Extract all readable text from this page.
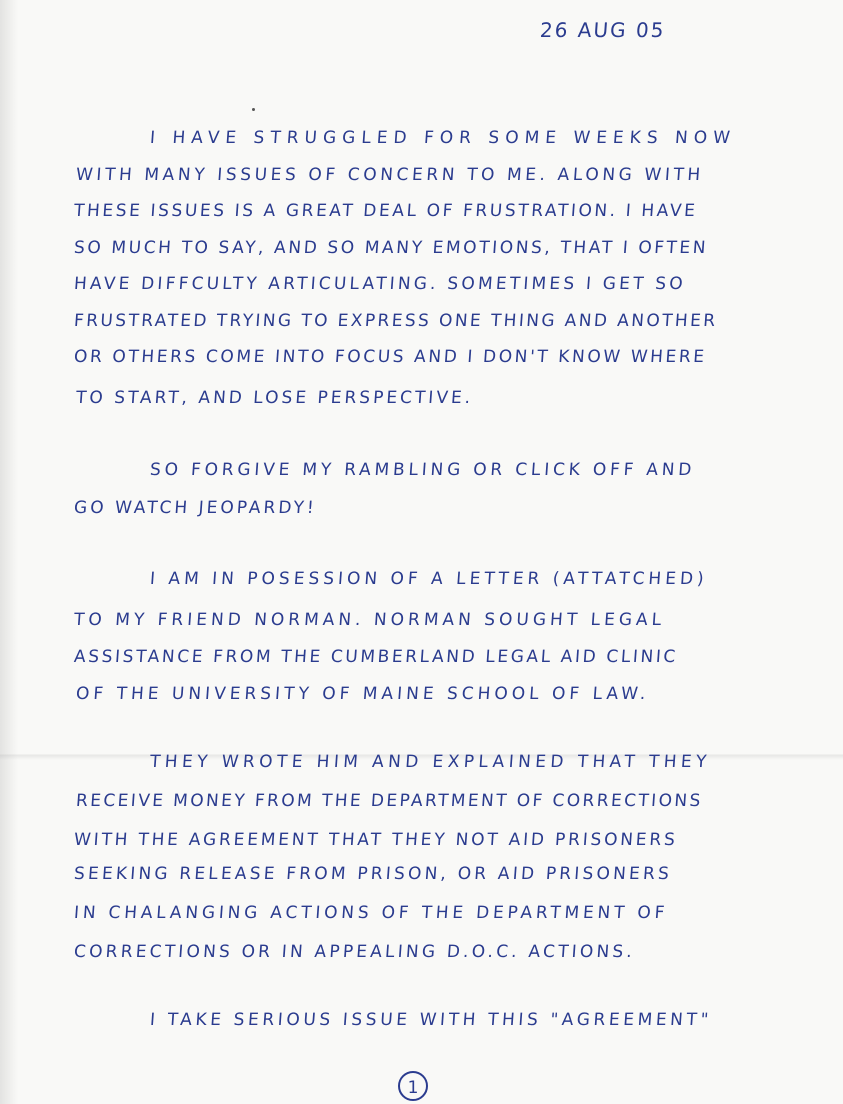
26 AUG 05
I HAVE STRUGGLED FOR SOME WEEKS NOW
WITH MANY ISSUES OF CONCERN TO ME. ALONG WITH
THESE ISSUES IS A GREAT DEAL OF FRUSTRATION. I HAVE
SO MUCH TO SAY, AND SO MANY EMOTIONS, THAT I OFTEN
HAVE DIFFCULTY ARTICULATING. SOMETIMES I GET SO
FRUSTRATED TRYING TO EXPRESS ONE THING AND ANOTHER
OR OTHERS COME INTO FOCUS AND I DON'T KNOW WHERE
TO START, AND LOSE PERSPECTIVE.
SO FORGIVE MY RAMBLING OR CLICK OFF AND
GO WATCH JEOPARDY!
I AM IN POSESSION OF A LETTER (ATTATCHED)
TO MY FRIEND NORMAN. NORMAN SOUGHT LEGAL
ASSISTANCE FROM THE CUMBERLAND LEGAL AID CLINIC
OF THE UNIVERSITY OF MAINE SCHOOL OF LAW.
THEY WROTE HIM AND EXPLAINED THAT THEY
RECEIVE MONEY FROM THE DEPARTMENT OF CORRECTIONS
WITH THE AGREEMENT THAT THEY NOT AID PRISONERS
SEEKING RELEASE FROM PRISON, OR AID PRISONERS
IN CHALANGING ACTIONS OF THE DEPARTMENT OF
CORRECTIONS OR IN APPEALING D.O.C. ACTIONS.
I TAKE SERIOUS ISSUE WITH THIS "AGREEMENT"
1
